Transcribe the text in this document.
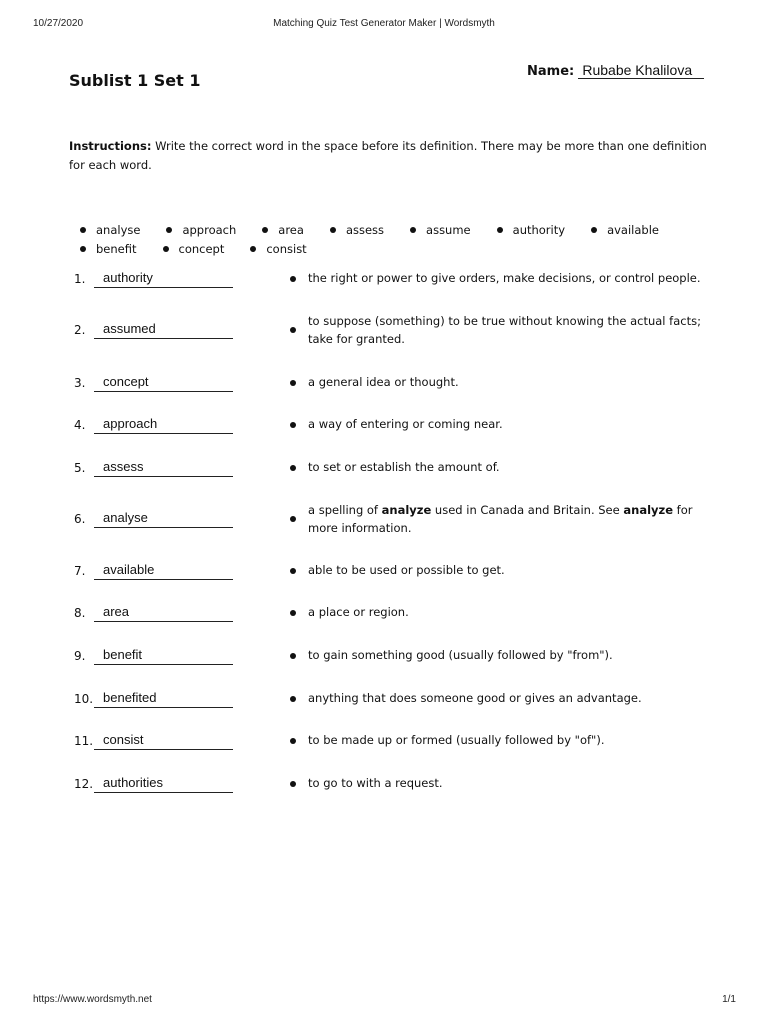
10/27/2020	Matching Quiz Test Generator Maker | Wordsmyth
Sublist 1 Set 1	Name: Rubabe Khalilova
Instructions: Write the correct word in the space before its definition. There may be more than one definition for each word.
analyse	approach	area	assess	assume	authority	availablebenefit	concept	consist
1. authority	the right or power to give orders, make decisions, or control people.
2. assumed	to suppose (something) to be true without knowing the actual facts; take for granted.
3. concept	a general idea or thought.
4. approach	a way of entering or coming near.
5. assess	to set or establish the amount of.
6. analyse	a spelling of analyze used in Canada and Britain. See analyze for more information.
7. available	able to be used or possible to get.
8. area	a place or region.
9. benefit	to gain something good (usually followed by "from").
10. benefited	anything that does someone good or gives an advantage.
11. consist	to be made up or formed (usually followed by "of").
12. authorities	to go to with a request.
https://www.wordsmyth.net	1/1
